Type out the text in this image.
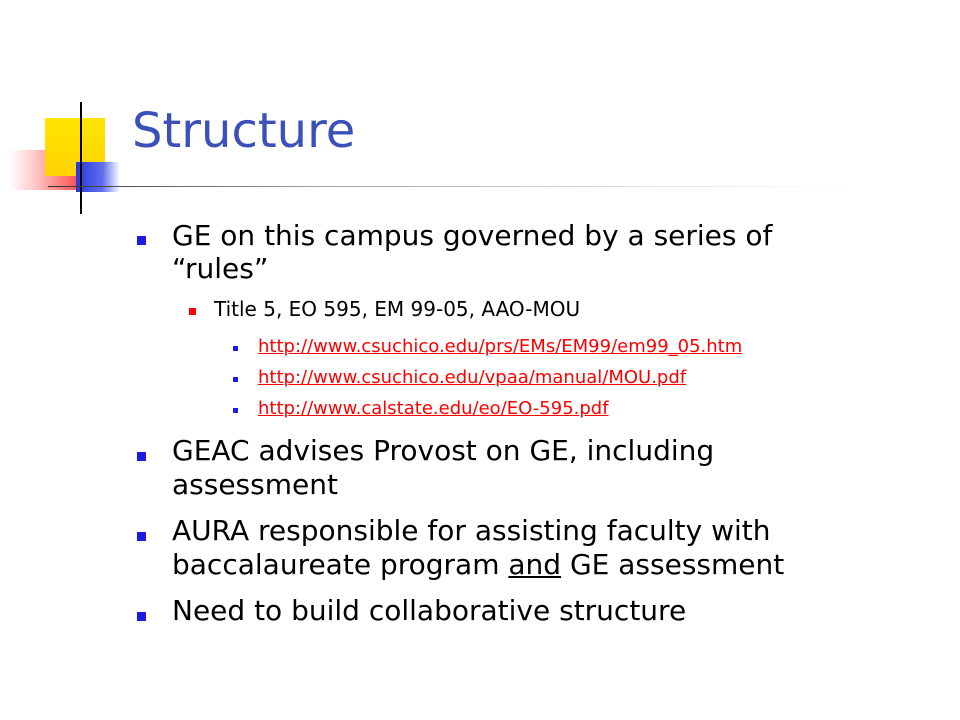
Structure
GE on this campus governed by a series of
“rules”
Title 5, EO 595, EM 99-05, AAO-MOU
http://www.csuchico.edu/prs/EMs/EM99/em99_05.htm
http://www.csuchico.edu/vpaa/manual/MOU.pdf
http://www.calstate.edu/eo/EO-595.pdf
GEAC advises Provost on GE, including
assessment
AURA responsible for assisting faculty with
baccalaureate program and GE assessment
Need to build collaborative structure
